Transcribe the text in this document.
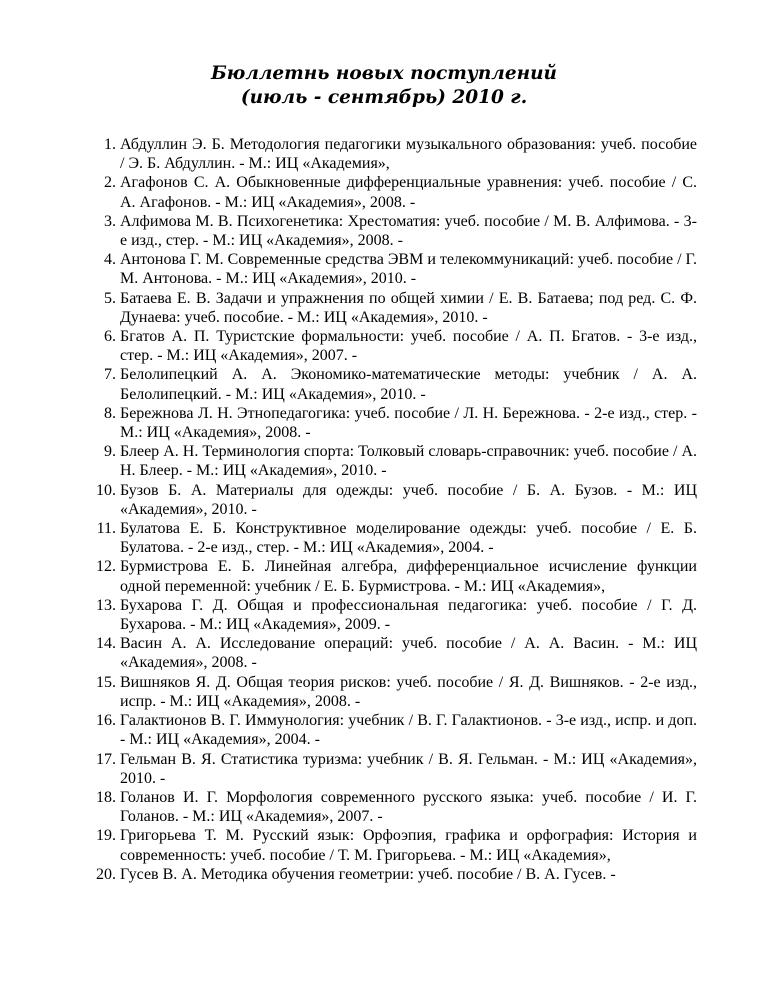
Бюллетнь новых поступлений
(июль - сентябрь) 2010 г.
1. Абдуллин Э. Б. Методология педагогики музыкального образования: учеб. пособие / Э. Б. Абдуллин. - М.: ИЦ «Академия»,
2. Агафонов С. А. Обыкновенные дифференциальные уравнения: учеб. пособие / С. А. Агафонов. - М.: ИЦ «Академия», 2008. -
3. Алфимова М. В. Психогенетика: Хрестоматия: учеб. пособие / М. В. Алфимова. - 3-е изд., стер. - М.: ИЦ «Академия», 2008. -
4. Антонова Г. М. Современные средства ЭВМ и телекоммуникаций: учеб. пособие / Г. М. Антонова. - М.: ИЦ «Академия», 2010. -
5. Батаева Е. В. Задачи и упражнения по общей химии / Е. В. Батаева; под ред. С. Ф. Дунаева: учеб. пособие. - М.: ИЦ «Академия», 2010. -
6. Бгатов А. П. Туристские формальности: учеб. пособие / А. П. Бгатов. - 3-е изд., стер. - М.: ИЦ «Академия», 2007. -
7. Белолипецкий А. А. Экономико-математические методы: учебник / А. А. Белолипецкий. - М.: ИЦ «Академия», 2010. -
8. Бережнова Л. Н. Этнопедагогика: учеб. пособие / Л. Н. Бережнова. - 2-е изд., стер. - М.: ИЦ «Академия», 2008. -
9. Блеер А. Н. Терминология спорта: Толковый словарь-справочник: учеб. пособие / А. Н. Блеер. - М.: ИЦ «Академия», 2010. -
10. Бузов Б. А. Материалы для одежды: учеб. пособие / Б. А. Бузов. - М.: ИЦ «Академия», 2010. -
11. Булатова Е. Б. Конструктивное моделирование одежды: учеб. пособие / Е. Б. Булатова. - 2-е изд., стер. - М.: ИЦ «Академия», 2004. -
12. Бурмистрова Е. Б. Линейная алгебра, дифференциальное исчисление функции одной переменной: учебник / Е. Б. Бурмистрова. - М.: ИЦ «Академия»,
13. Бухарова Г. Д. Общая и профессиональная педагогика: учеб. пособие / Г. Д. Бухарова. - М.: ИЦ «Академия», 2009. -
14. Васин А. А. Исследование операций: учеб. пособие / А. А. Васин. - М.: ИЦ «Академия», 2008. -
15. Вишняков Я. Д. Общая теория рисков: учеб. пособие / Я. Д. Вишняков. - 2-е изд., испр. - М.: ИЦ «Академия», 2008. -
16. Галактионов В. Г. Иммунология: учебник / В. Г. Галактионов. - 3-е изд., испр. и доп. - М.: ИЦ «Академия», 2004. -
17. Гельман В. Я. Статистика туризма: учебник / В. Я. Гельман. - М.: ИЦ «Академия», 2010. -
18. Голанов И. Г. Морфология современного русского языка: учеб. пособие / И. Г. Голанов. - М.: ИЦ «Академия», 2007. -
19. Григорьева Т. М. Русский язык: Орфоэпия, графика и орфография: История и современность: учеб. пособие / Т. М. Григорьева. - М.: ИЦ «Академия»,
20. Гусев В. А. Методика обучения геометрии: учеб. пособие / В. А. Гусев. -
